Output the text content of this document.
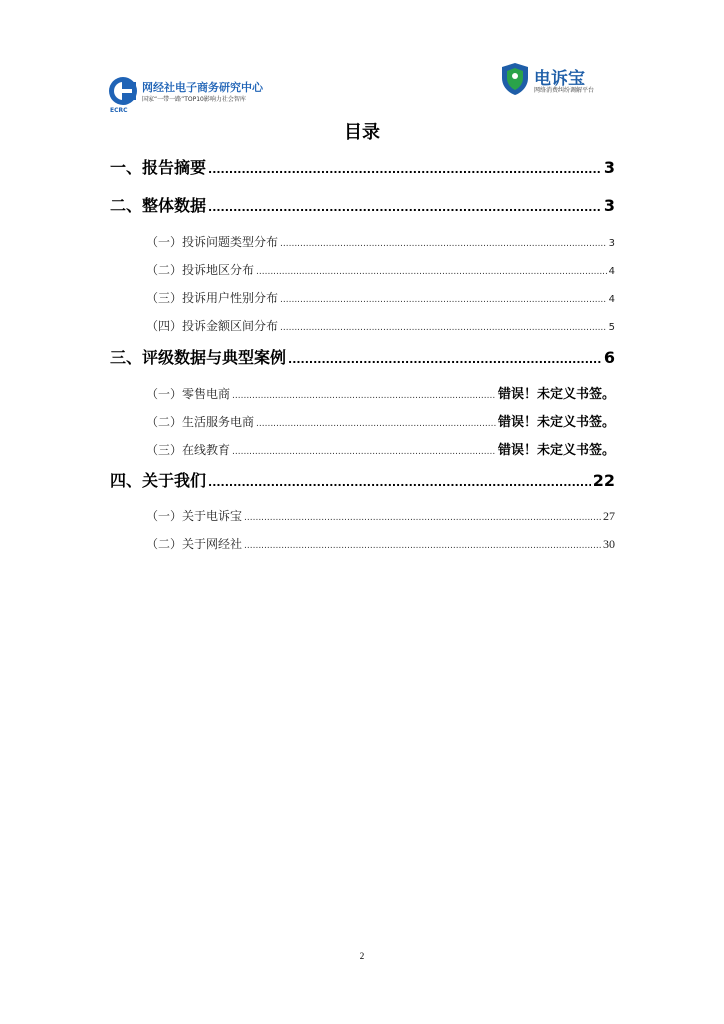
网经社电子商务研究中心
国家“一带一路”TOP10影响力社会智库
ECRC
电诉宝
网络消费纠纷调解平台
目录
一、报告摘要 .....	3
二、整体数据 .....	3
（一）投诉问题类型分布 .....	3
（二）投诉地区分布 .....	4
（三）投诉用户性别分布 .....	4
（四）投诉金额区间分布 .....	5
三、评级数据与典型案例 .....	6
（一）零售电商 .....	错误！未定义书签。
（二）生活服务电商 .....	错误！未定义书签。
（三）在线教育 .....	错误！未定义书签。
四、关于我们 .....	22
（一）关于电诉宝 .....	27
（二）关于网经社 .....	30
2
